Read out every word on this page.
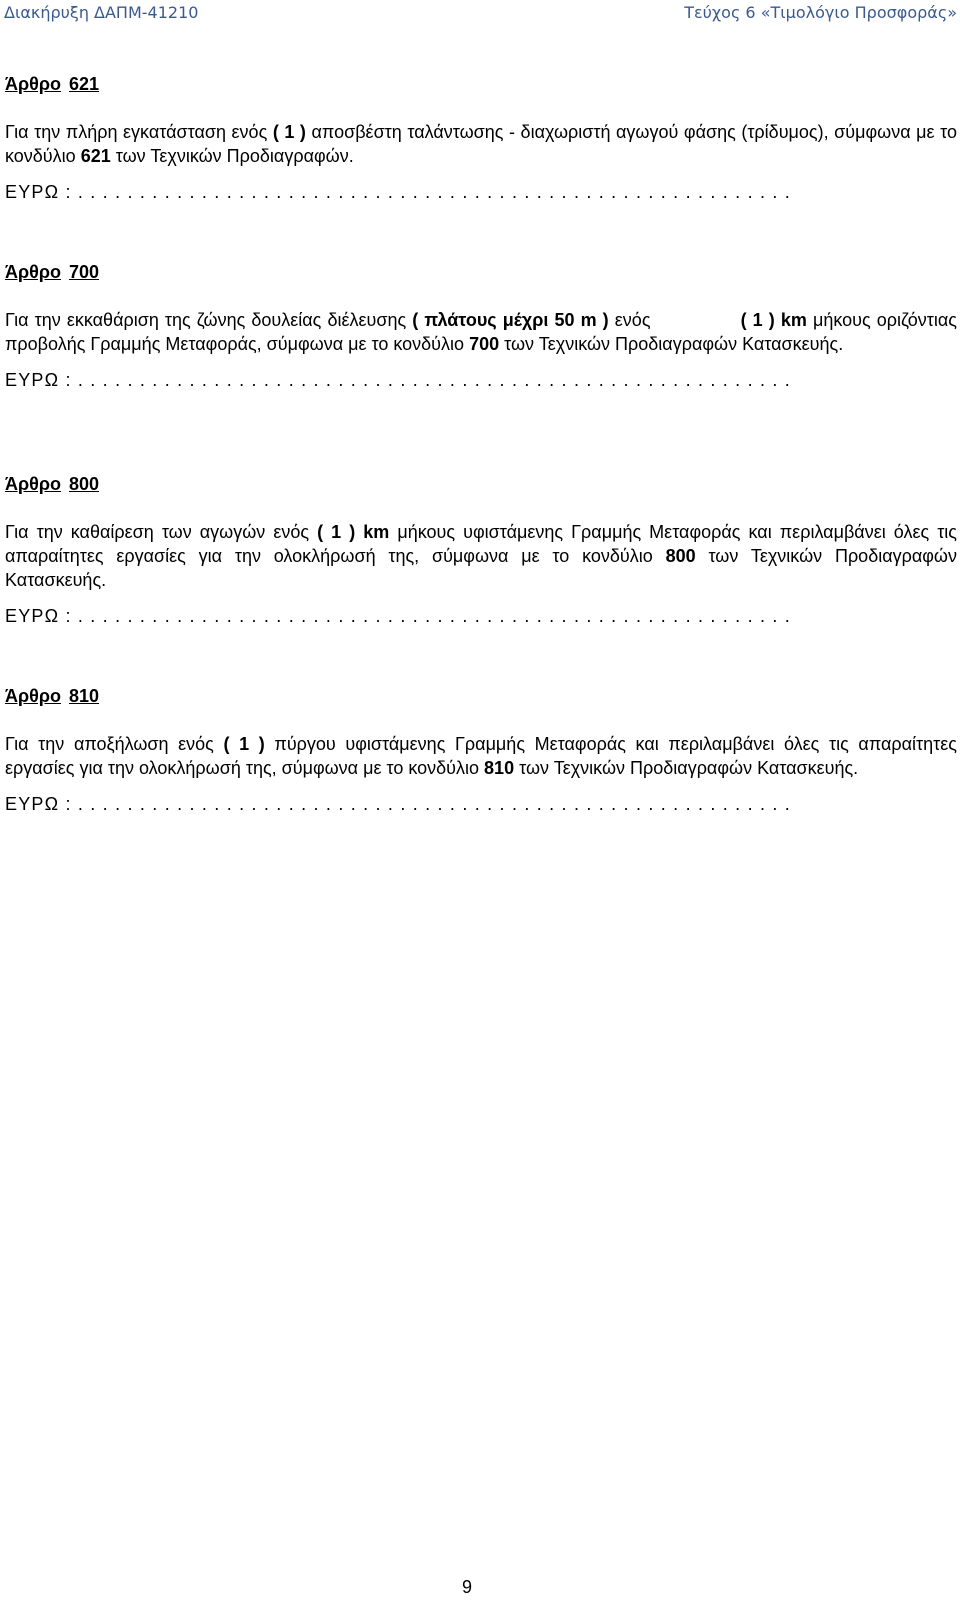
Διακήρυξη ΔΑΠΜ-41210	Τεύχος 6 «Τιμολόγιο Προσφοράς»
Άρθρο 621

Για την πλήρη εγκατάσταση ενός ( 1 ) αποσβέστη ταλάντωσης - διαχωριστή αγωγού φάσης (τρίδυμος), σύμφωνα με το κονδύλιο 621 των Τεχνικών Προδιαγραφών.

ΕΥΡΩ : . . . . . . . . . . . . . . . . . . . . . . . . . . . . . . . . . . . . . . . . . . . . . . . . . . . . . . . . . .
Άρθρο 700

Για την εκκαθάριση της ζώνης δουλείας διέλευσης ( πλάτους μέχρι 50 m ) ενός	( 1 ) km μήκους οριζόντιας προβολής Γραμμής Μεταφοράς, σύμφωνα με το κονδύλιο 700 των Τεχνικών Προδιαγραφών Κατασκευής.

ΕΥΡΩ : . . . . . . . . . . . . . . . . . . . . . . . . . . . . . . . . . . . . . . . . . . . . . . . . . . . . . . . . . .
Άρθρο 800

Για την καθαίρεση των αγωγών ενός ( 1 ) km μήκους υφιστάμενης Γραμμής Μεταφοράς και περιλαμβάνει όλες τις απαραίτητες εργασίες για την ολοκλήρωσή της, σύμφωνα με το κονδύλιο 800 των Τεχνικών Προδιαγραφών Κατασκευής.

ΕΥΡΩ : . . . . . . . . . . . . . . . . . . . . . . . . . . . . . . . . . . . . . . . . . . . . . . . . . . . . . . . . . .
Άρθρο 810

Για την αποξήλωση ενός ( 1 ) πύργου υφιστάμενης Γραμμής Μεταφοράς και περιλαμβάνει όλες τις απαραίτητες εργασίες για την ολοκλήρωσή της, σύμφωνα με το κονδύλιο 810 των Τεχνικών Προδιαγραφών Κατασκευής.

ΕΥΡΩ : . . . . . . . . . . . . . . . . . . . . . . . . . . . . . . . . . . . . . . . . . . . . . . . . . . . . . . . . . .
9
